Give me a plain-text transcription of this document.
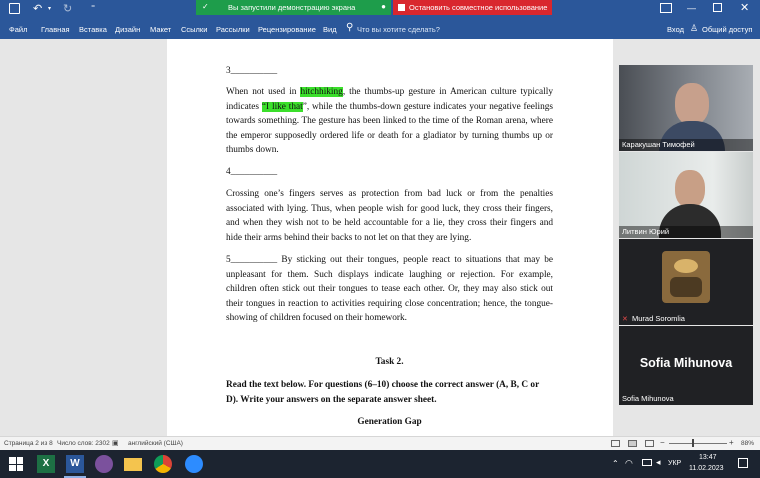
↶ ▾ ↻ ⁼	✓	Вы запустили демонстрацию экрана	●	Остановить совместное использование	—	✕
Файл Главная Вставка Дизайн Макет Ссылки Рассылки Рецензирование Вид ⚲ Что вы хотите сделать?	Вход ♙ Общий доступ
3__________
When not used in hitchhiking, the thumbs-up gesture in American culture typically indicates “I like that”, while the thumbs-down gesture indicates your negative feelings towards something. The gesture has been linked to the time of the Roman arena, where the emperor supposedly ordered life or death for a gladiator by turning thumbs up or thumbs down.
4__________
Crossing one’s fingers serves as protection from bad luck or from the penalties associated with lying. Thus, when people wish for good luck, they cross their fingers, and when they wish not to be held accountable for a lie, they cross their fingers and hide their arms behind their backs to not let on that they are lying.
5__________ By sticking out their tongues, people react to situations that may be unpleasant for them. Such displays indicate laughing or rejection. For example, children often stick out their tongues to tease each other. Or, they may also stick out their tongues in reaction to activities requiring close concentration; hence, the tongue-showing of children focused on their homework.
Task 2.
Read the text below. For questions (6–10) choose the correct answer (A, B, C or D). Write your answers on the separate answer sheet.
Generation Gap
Каракушан Тимофей
Литвин Юрий
✕ Murad Soromlia
Sofia Mihunova
Sofia Mihunova
Страница 2 из 8 Число слов: 2302 ▣ английский (США)	−	+ 88%
X	W	⌃ ◠	◂ УКР
13:47
11.02.2023
